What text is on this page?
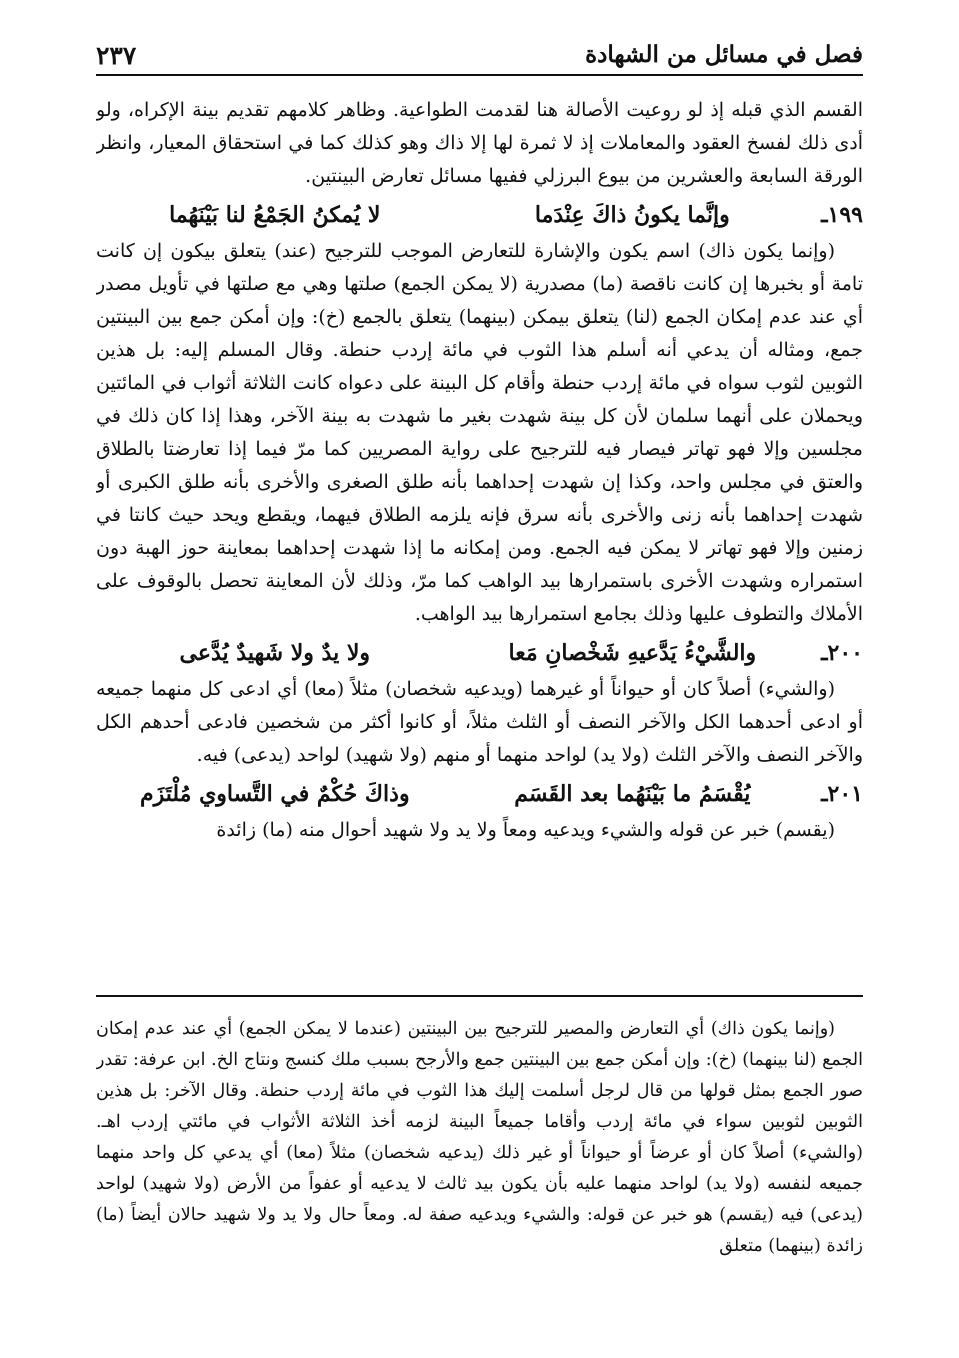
فصل في مسائل من الشهادة
٢٣٧

القسم الذي قبله إذ لو روعيت الأصالة هنا لقدمت الطواعية. وظاهر كلامهم تقديم بينة الإكراه، ولو أدى ذلك لفسخ العقود والمعاملات إذ لا ثمرة لها إلا ذاك وهو كذلك كما في استحقاق المعيار، وانظر الورقة السابعة والعشرين من بيوع البرزلي ففيها مسائل تعارض البينتين.

١٩٩ـ
وإنَّما يكونُ ذاكَ عِنْدَما
لا يُمكنُ الجَمْعُ لنا بَيْنَهُما

(وإنما يكون ذاك) اسم يكون والإشارة للتعارض الموجب للترجيح (عند) يتعلق بيكون إن كانت تامة أو بخبرها إن كانت ناقصة (ما) مصدرية (لا يمكن الجمع) صلتها وهي مع صلتها في تأويل مصدر أي عند عدم إمكان الجمع (لنا) يتعلق بيمكن (بينهما) يتعلق بالجمع (خ): وإن أمكن جمع بين البينتين جمع، ومثاله أن يدعي أنه أسلم هذا الثوب في مائة إردب حنطة. وقال المسلم إليه: بل هذين الثوبين لثوب سواه في مائة إردب حنطة وأقام كل البينة على دعواه كانت الثلاثة أثواب في المائتين ويحملان على أنهما سلمان لأن كل بينة شهدت بغير ما شهدت به بينة الآخر، وهذا إذا كان ذلك في مجلسين وإلا فهو تهاتر فيصار فيه للترجيح على رواية المصريين كما مرّ فيما إذا تعارضتا بالطلاق والعتق في مجلس واحد، وكذا إن شهدت إحداهما بأنه طلق الصغرى والأخرى بأنه طلق الكبرى أو شهدت إحداهما بأنه زنى والأخرى بأنه سرق فإنه يلزمه الطلاق فيهما، ويقطع ويحد حيث كانتا في زمنين وإلا فهو تهاتر لا يمكن فيه الجمع. ومن إمكانه ما إذا شهدت إحداهما بمعاينة حوز الهبة دون استمراره وشهدت الأخرى باستمرارها بيد الواهب كما مرّ، وذلك لأن المعاينة تحصل بالوقوف على الأملاك والتطوف عليها وذلك بجامع استمرارها بيد الواهب.

٢٠٠ـ
والشَّيْءُ يَدَّعيهِ شَخْصانِ مَعا
ولا يدٌ ولا شَهيدٌ يُدَّعى

(والشيء) أصلاً كان أو حيواناً أو غيرهما (ويدعيه شخصان) مثلاً (معا) أي ادعى كل منهما جميعه أو ادعى أحدهما الكل والآخر النصف أو الثلث مثلاً، أو كانوا أكثر من شخصين فادعى أحدهم الكل والآخر النصف والآخر الثلث (ولا يد) لواحد منهما أو منهم (ولا شهيد) لواحد (يدعى) فيه.

٢٠١ـ
يُقْسَمُ ما بَيْنَهُما بعد القَسَم
وذاكَ حُكْمٌ في التَّساوي مُلْتَزَم

(يقسم) خبر عن قوله والشيء ويدعيه ومعاً ولا يد ولا شهيد أحوال منه (ما) زائدة

(وإنما يكون ذاك) أي التعارض والمصير للترجيح بين البينتين (عندما لا يمكن الجمع) أي عند عدم إمكان الجمع (لنا بينهما) (خ): وإن أمكن جمع بين البينتين جمع والأرجح بسبب ملك كنسج ونتاج الخ. ابن عرفة: تقدر صور الجمع بمثل قولها من قال لرجل أسلمت إليك هذا الثوب في مائة إردب حنطة. وقال الآخر: بل هذين الثوبين لثوبين سواء في مائة إردب وأقاما جميعاً البينة لزمه أخذ الثلاثة الأثواب في مائتي إردب اهـ. (والشيء) أصلاً كان أو عرضاً أو حيواناً أو غير ذلك (يدعيه شخصان) مثلاً (معا) أي يدعي كل واحد منهما جميعه لنفسه (ولا يد) لواحد منهما عليه بأن يكون بيد ثالث لا يدعيه أو عفواً من الأرض (ولا شهيد) لواحد (يدعى) فيه (يقسم) هو خبر عن قوله: والشيء ويدعيه صفة له. ومعاً حال ولا يد ولا شهيد حالان أيضاً (ما) زائدة (بينهما) متعلق
